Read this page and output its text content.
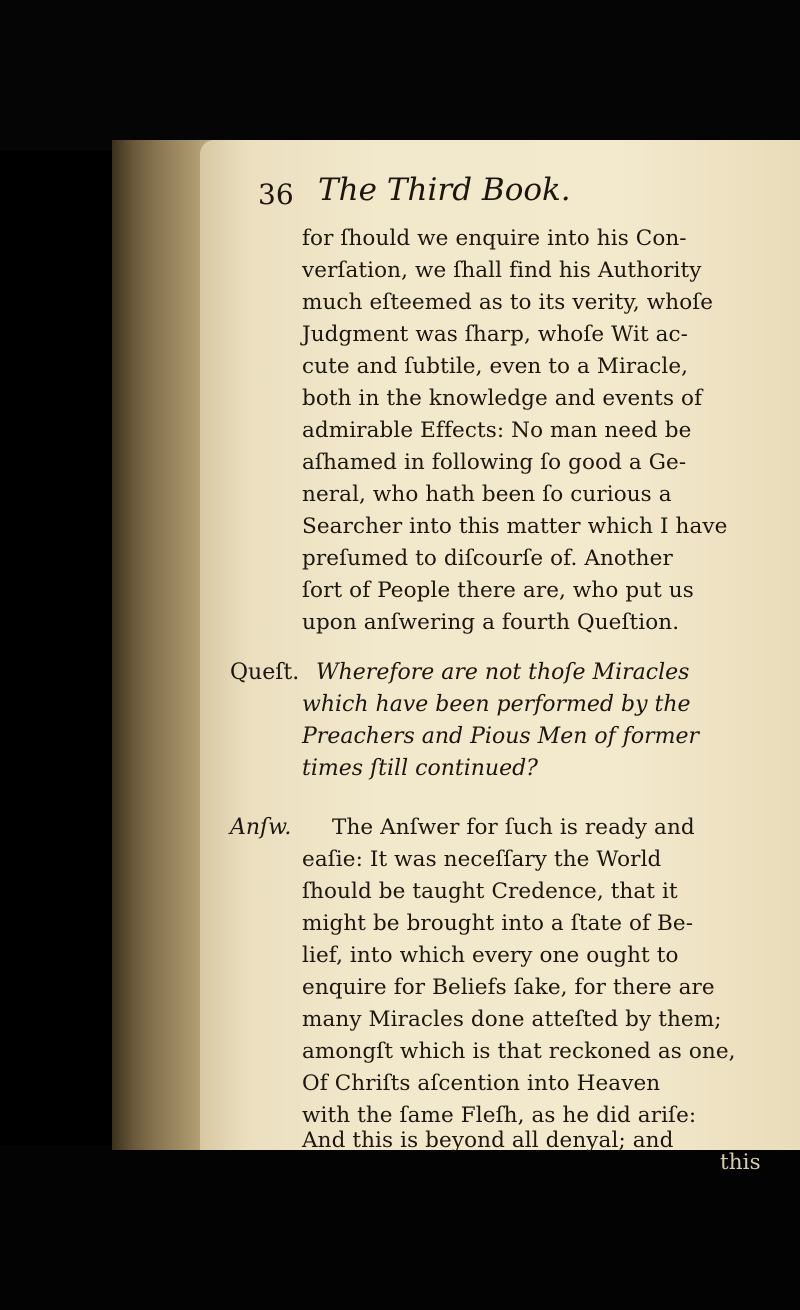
36 The Third Book.
for ſhould we enquire into his Con-
verſation, we ſhall find his Authority
much eſteemed as to its verity, whoſe
Judgment was ſharp, whoſe Wit ac-
cute and ſubtile, even to a Miracle,
both in the knowledge and events of
admirable Effects: No man need be
aſhamed in following ſo good a Ge-
neral, who hath been ſo curious a
Searcher into this matter which I have
preſumed to diſcourſe of. Another
ſort of People there are, who put us
upon anſwering a fourth Queſtion.
Queſt. Wherefore are not thoſe Miracles
which have been performed by the
Preachers and Pious Men of former
times ſtill continued?
Anſw. The Anſwer for ſuch is ready and
eaſie: It was neceſſary the World
ſhould be taught Credence, that it
might be brought into a ſtate of Be-
lief, into which every one ought to
enquire for Beliefs ſake, for there are
many Miracles done atteſted by them;
amongſt which is that reckoned as one,
Of Chriſts aſcention into Heaven
with the ſame Fleſh, as he did ariſe:
And this is beyond all denyal; and
this
